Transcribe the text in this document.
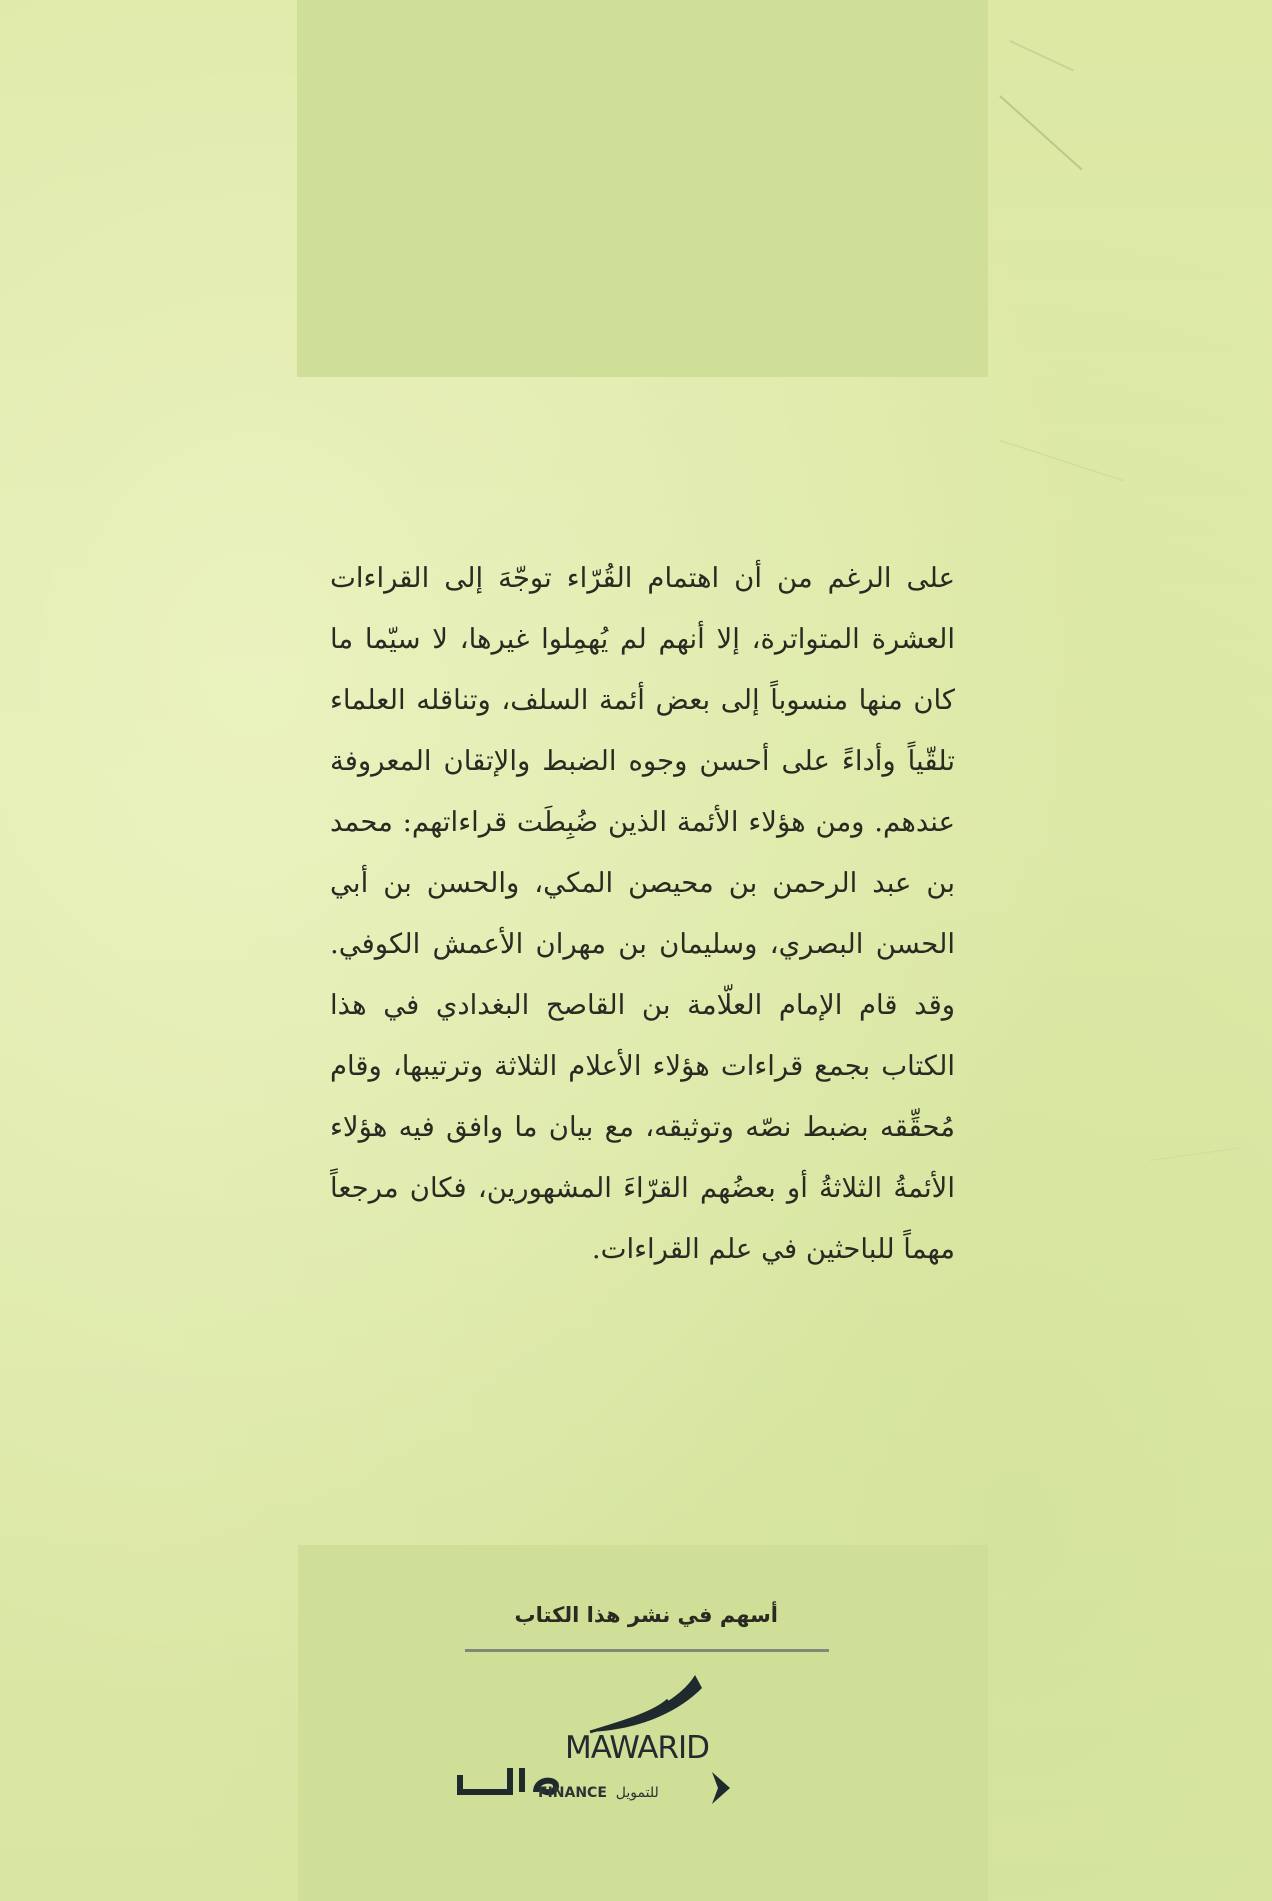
على الرغم من أن اهتمام القُرّاء توجّهَ إلى القراءات العشرة المتواترة، إلا أنهم لم يُهمِلوا غيرها، لا سيّما ما كان منها منسوباً إلى بعض أئمة السلف، وتناقله العلماء تلقّياً وأداءً على أحسن وجوه الضبط والإتقان المعروفة عندهم. ومن هؤلاء الأئمة الذين ضُبِطَت قراءاتهم: محمد بن عبد الرحمن بن محيصن المكي، والحسن بن أبي الحسن البصري، وسليمان بن مهران الأعمش الكوفي. وقد قام الإمام العلّامة بن القاصح البغدادي في هذا الكتاب بجمع قراءات هؤلاء الأعلام الثلاثة وترتيبها، وقام مُحقِّقه بضبط نصّه وتوثيقه، مع بيان ما وافق فيه هؤلاء الأئمةُ الثلاثةُ أو بعضُهم القرّاءَ المشهورين، فكان مرجعاً مهماً للباحثين في علم القراءات.

أسهم في نشر هذا الكتاب
MAWARID
FINANCE للتمويل
